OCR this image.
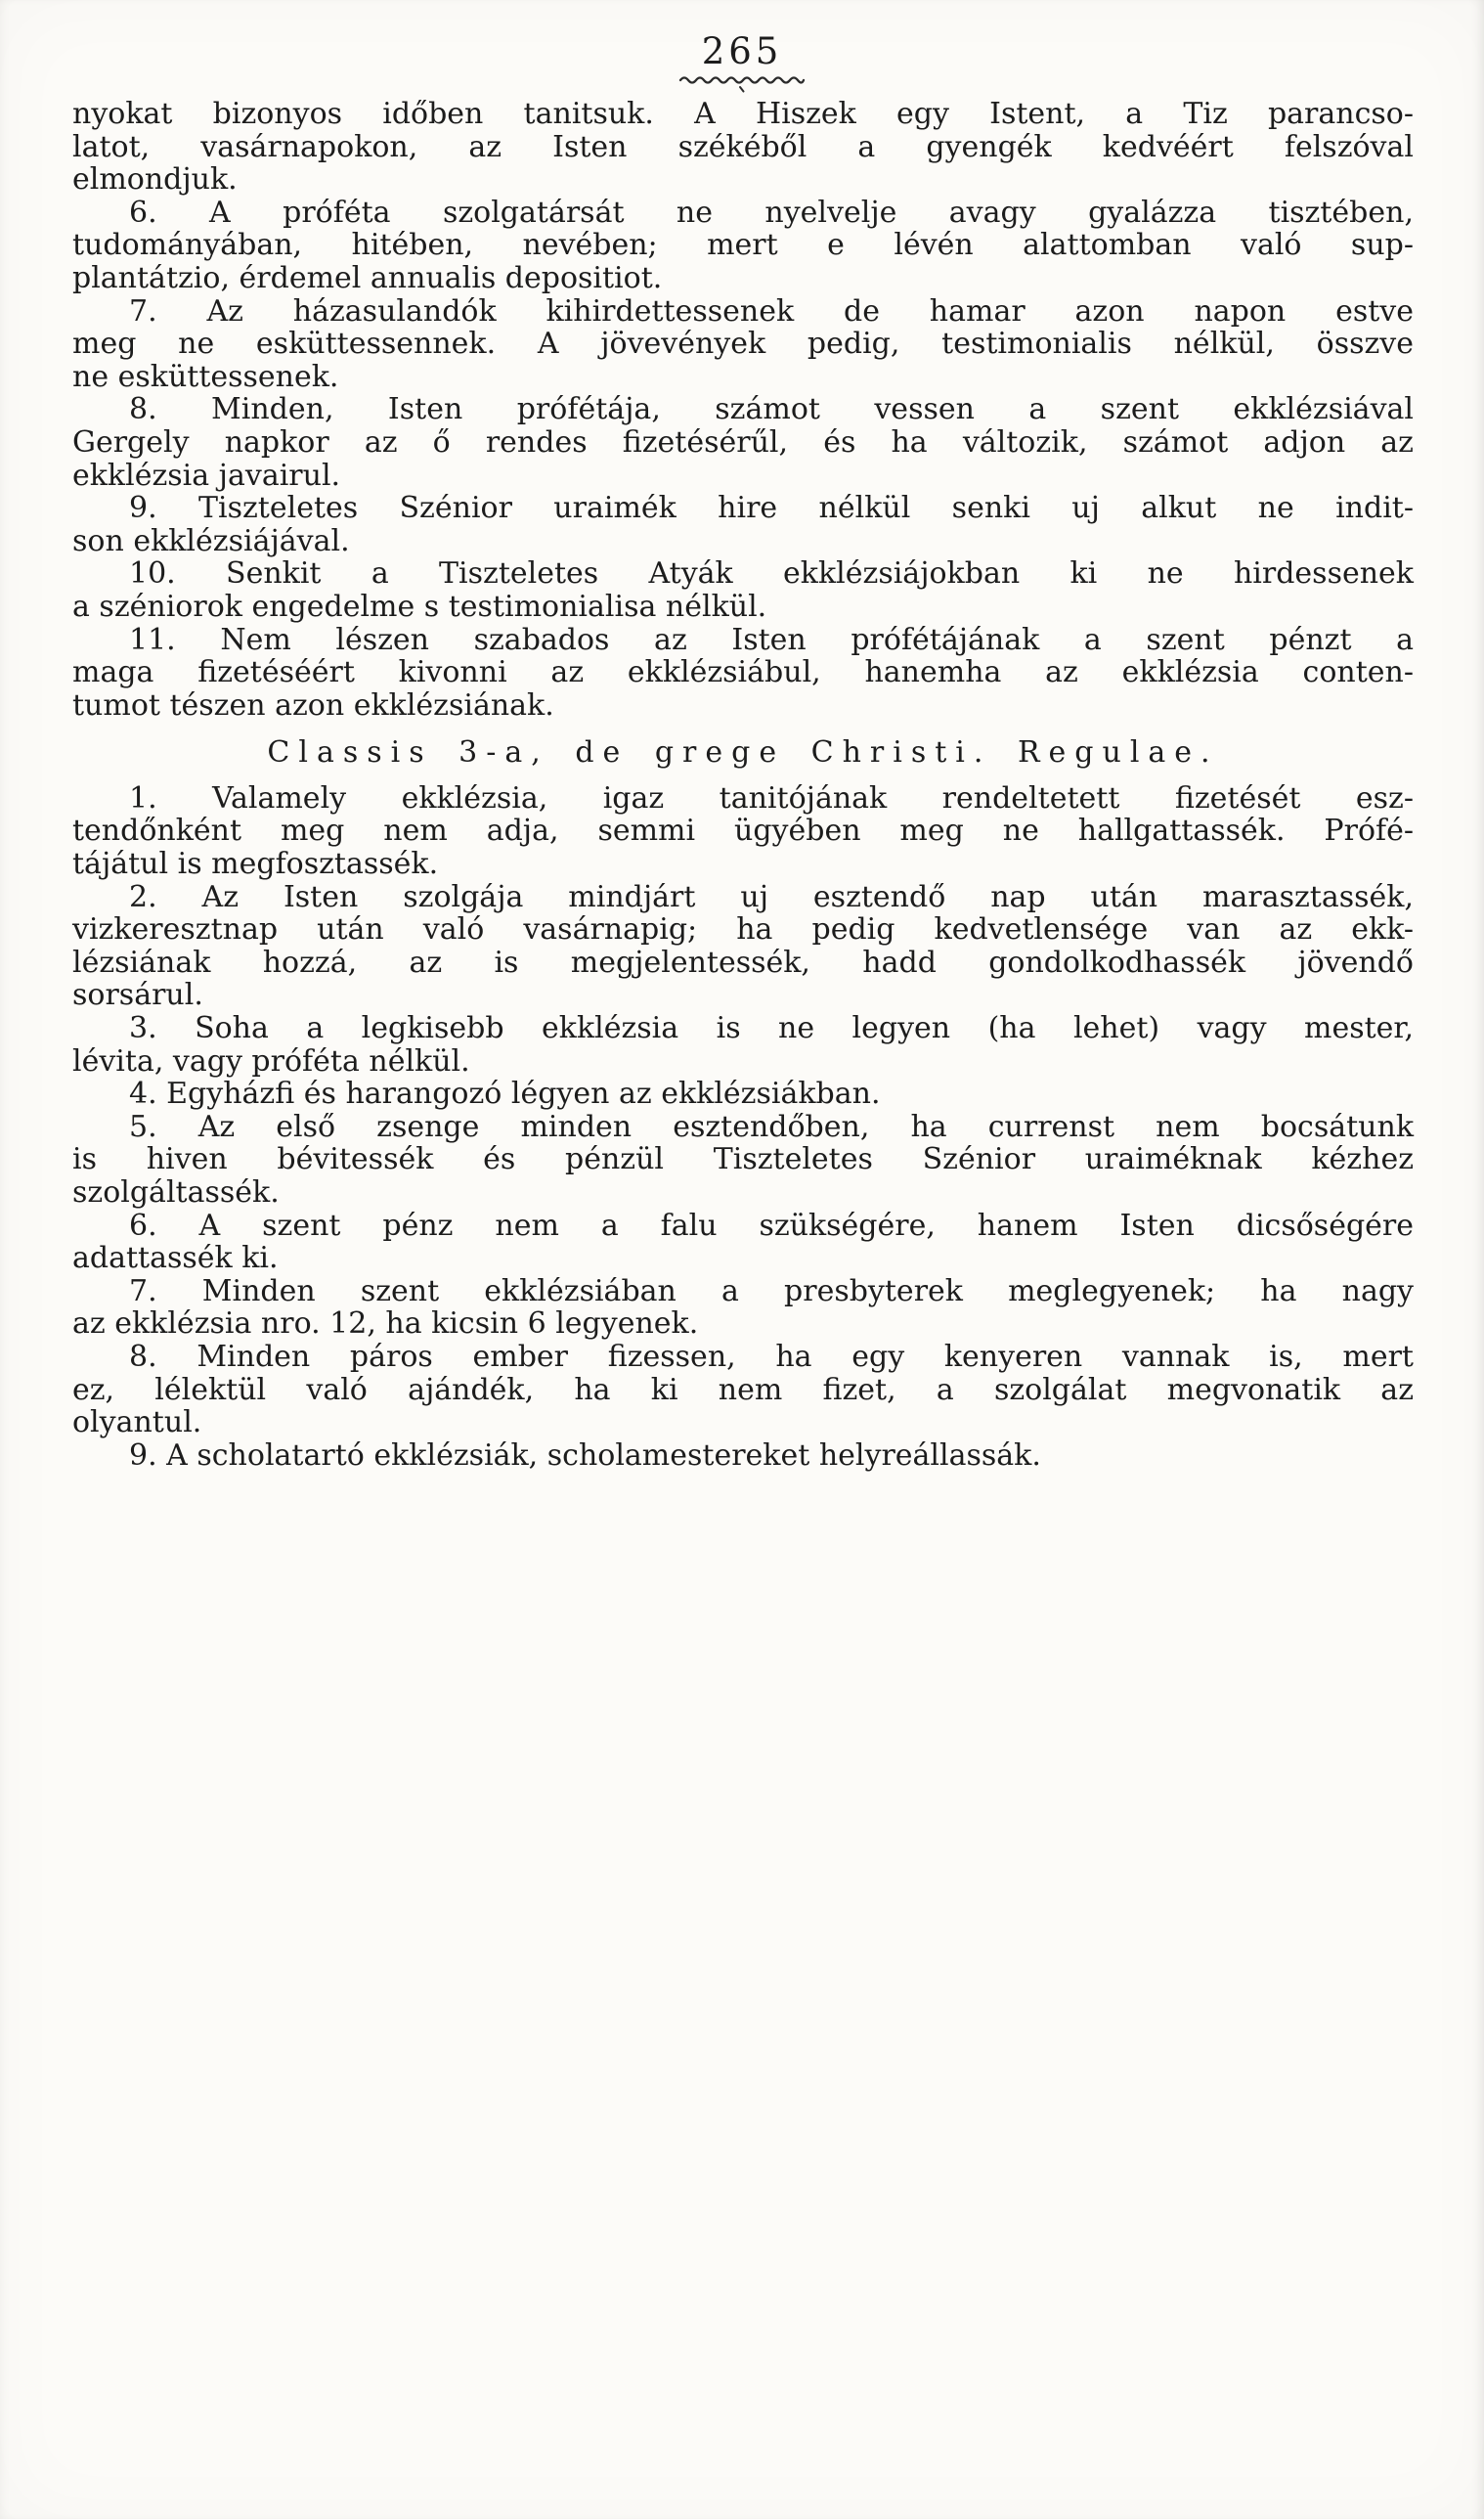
265
nyokat bizonyos időben tanitsuk. A Hiszek egy Istent, a Tiz parancso-
latot, vasárnapokon, az Isten székéből a gyengék kedvéért felszóval
elmondjuk.
6. A próféta szolgatársát ne nyelvelje avagy gyalázza tisztében,
tudományában, hitében, nevében; mert e lévén alattomban való sup-
plantátzio, érdemel annualis depositiot.
7. Az házasulandók kihirdettessenek de hamar azon napon estve
meg ne esküttessennek. A jövevények pedig, testimonialis nélkül, összve
ne esküttessenek.
8. Minden, Isten prófétája, számot vessen a szent ekklézsiával
Gergely napkor az ő rendes fizetésérűl, és ha változik, számot adjon az
ekklézsia javairul.
9. Tiszteletes Szénior uraimék hire nélkül senki uj alkut ne indit-
son ekklézsiájával.
10. Senkit a Tiszteletes Atyák ekklézsiájokban ki ne hirdessenek
a széniorok engedelme s testimonialisa nélkül.
11. Nem lészen szabados az Isten prófétájának a szent pénzt a
maga fizetéséért kivonni az ekklézsiábul, hanemha az ekklézsia conten-
tumot tészen azon ekklézsiának.
Classis 3-a, de grege Christi. Regulae.
1. Valamely ekklézsia, igaz tanitójának rendeltetett fizetését esz-
tendőnként meg nem adja, semmi ügyében meg ne hallgattassék. Prófé-
tájátul is megfosztassék.
2. Az Isten szolgája mindjárt uj esztendő nap után marasztassék,
vizkeresztnap után való vasárnapig; ha pedig kedvetlensége van az ekk-
lézsiának hozzá, az is megjelentessék, hadd gondolkodhassék jövendő
sorsárul.
3. Soha a legkisebb ekklézsia is ne legyen (ha lehet) vagy mester,
lévita, vagy próféta nélkül.
4. Egyházfi és harangozó légyen az ekklézsiákban.
5. Az első zsenge minden esztendőben, ha currenst nem bocsátunk
is hiven bévitessék és pénzül Tiszteletes Szénior uraiméknak kézhez
szolgáltassék.
6. A szent pénz nem a falu szükségére, hanem Isten dicsőségére
adattassék ki.
7. Minden szent ekklézsiában a presbyterek meglegyenek; ha nagy
az ekklézsia nro. 12, ha kicsin 6 legyenek.
8. Minden páros ember fizessen, ha egy kenyeren vannak is, mert
ez, lélektül való ajándék, ha ki nem fizet, a szolgálat megvonatik az
olyantul.
9. A scholatartó ekklézsiák, scholamestereket helyreállassák.
